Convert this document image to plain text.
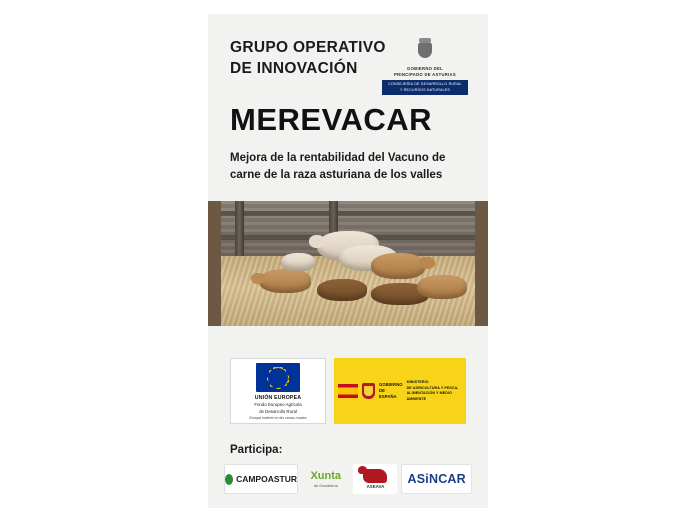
GRUPO OPERATIVO
DE INNOVACIÓN	GOBIERNO DEL
PRINCIPADO DE ASTURIAS
CONSEJERÍA DE DESARROLLO RURAL
Y RECURSOS NATURALES
MEREVACAR
Mejora de la rentabilidad del Vacuno de
carne de la raza asturiana de los valles
UNIÓN EUROPEA
Fondo Europeo Agrícola
de Desarrollo Rural
Europa invierte en las zonas rurales
GOBIERNO
DE ESPAÑA
MINISTERIO
DE AGRICULTURA Y PESCA,
ALIMENTACIÓN Y MEDIO AMBIENTE
Participa:
CAMPOASTUR Xunta
de Gandeiros	ASEAVA
ASiNCAR
